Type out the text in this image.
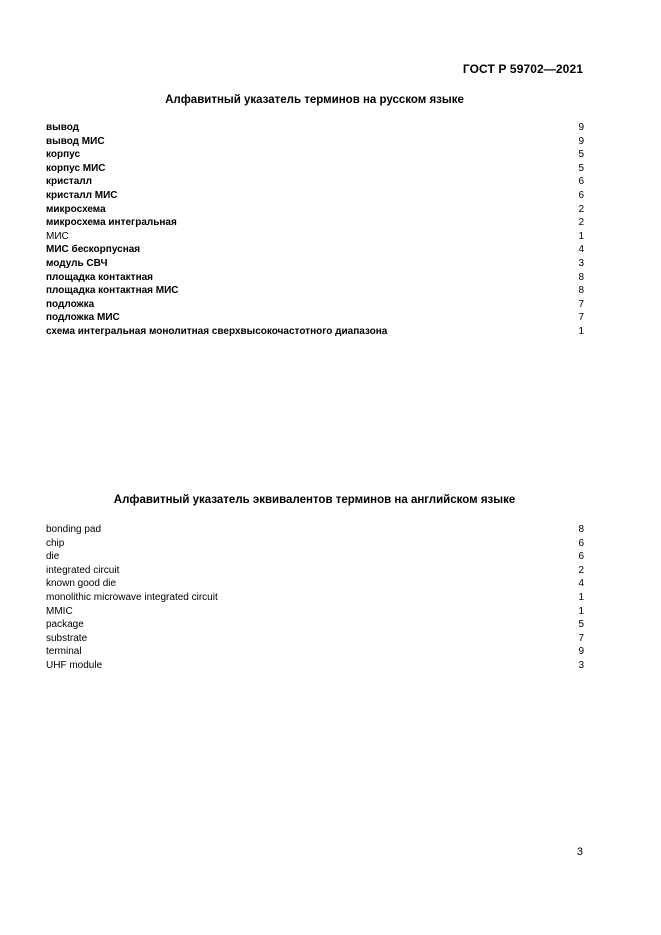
ГОСТ Р 59702—2021
Алфавитный указатель терминов на русском языке
вывод	9
вывод МИС	9
корпус	5
корпус МИС	5
кристалл	6
кристалл МИС	6
микросхема	2
микросхема интегральная	2
МИС	1
МИС бескорпусная	4
модуль СВЧ	3
площадка контактная	8
площадка контактная МИС	8
подложка	7
подложка МИС	7
схема интегральная монолитная сверхвысокочастотного диапазона	1
Алфавитный указатель эквивалентов терминов на английском языке
bonding pad	8
chip	6
die	6
integrated circuit	2
known good die	4
monolithic microwave integrated circuit	1
MMIC	1
package	5
substrate	7
terminal	9
UHF module	3
3
